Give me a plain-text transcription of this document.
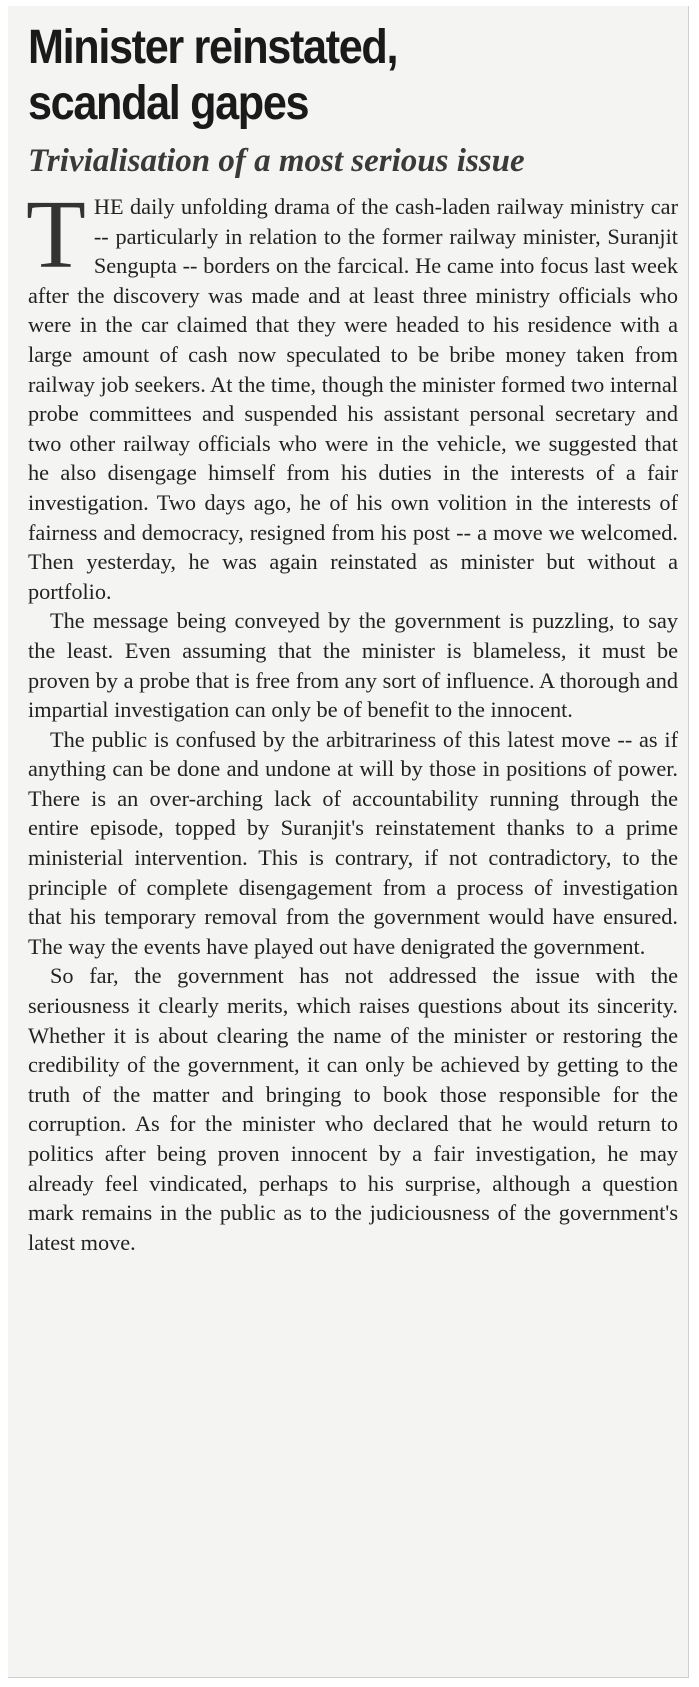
Minister reinstated,
scandal gapes
Trivialisation of a most serious issue

THE daily unfolding drama of the cash-laden railway ministry car -- particularly in relation to the former railway minister, Suranjit Sengupta -- borders on the farcical. He came into focus last week after the discovery was made and at least three ministry officials who were in the car claimed that they were headed to his residence with a large amount of cash now speculated to be bribe money taken from railway job seekers. At the time, though the minister formed two internal probe committees and suspended his assistant personal secretary and two other railway officials who were in the vehicle, we suggested that he also disengage himself from his duties in the interests of a fair investigation. Two days ago, he of his own volition in the interests of fairness and democracy, resigned from his post -- a move we welcomed. Then yesterday, he was again reinstated as minister but without a portfolio.

The message being conveyed by the government is puzzling, to say the least. Even assuming that the minister is blameless, it must be proven by a probe that is free from any sort of influence. A thorough and impartial investigation can only be of benefit to the innocent.

The public is confused by the arbitrariness of this latest move -- as if anything can be done and undone at will by those in positions of power. There is an over-arching lack of accountability running through the entire episode, topped by Suranjit's reinstatement thanks to a prime ministerial intervention. This is contrary, if not contradictory, to the principle of complete disengagement from a process of investigation that his temporary removal from the government would have ensured. The way the events have played out have denigrated the government.

So far, the government has not addressed the issue with the seriousness it clearly merits, which raises questions about its sincerity. Whether it is about clearing the name of the minister or restoring the credibility of the government, it can only be achieved by getting to the truth of the matter and bringing to book those responsible for the corruption. As for the minister who declared that he would return to politics after being proven innocent by a fair investigation, he may already feel vindicated, perhaps to his surprise, although a question mark remains in the public as to the judiciousness of the government's latest move.
